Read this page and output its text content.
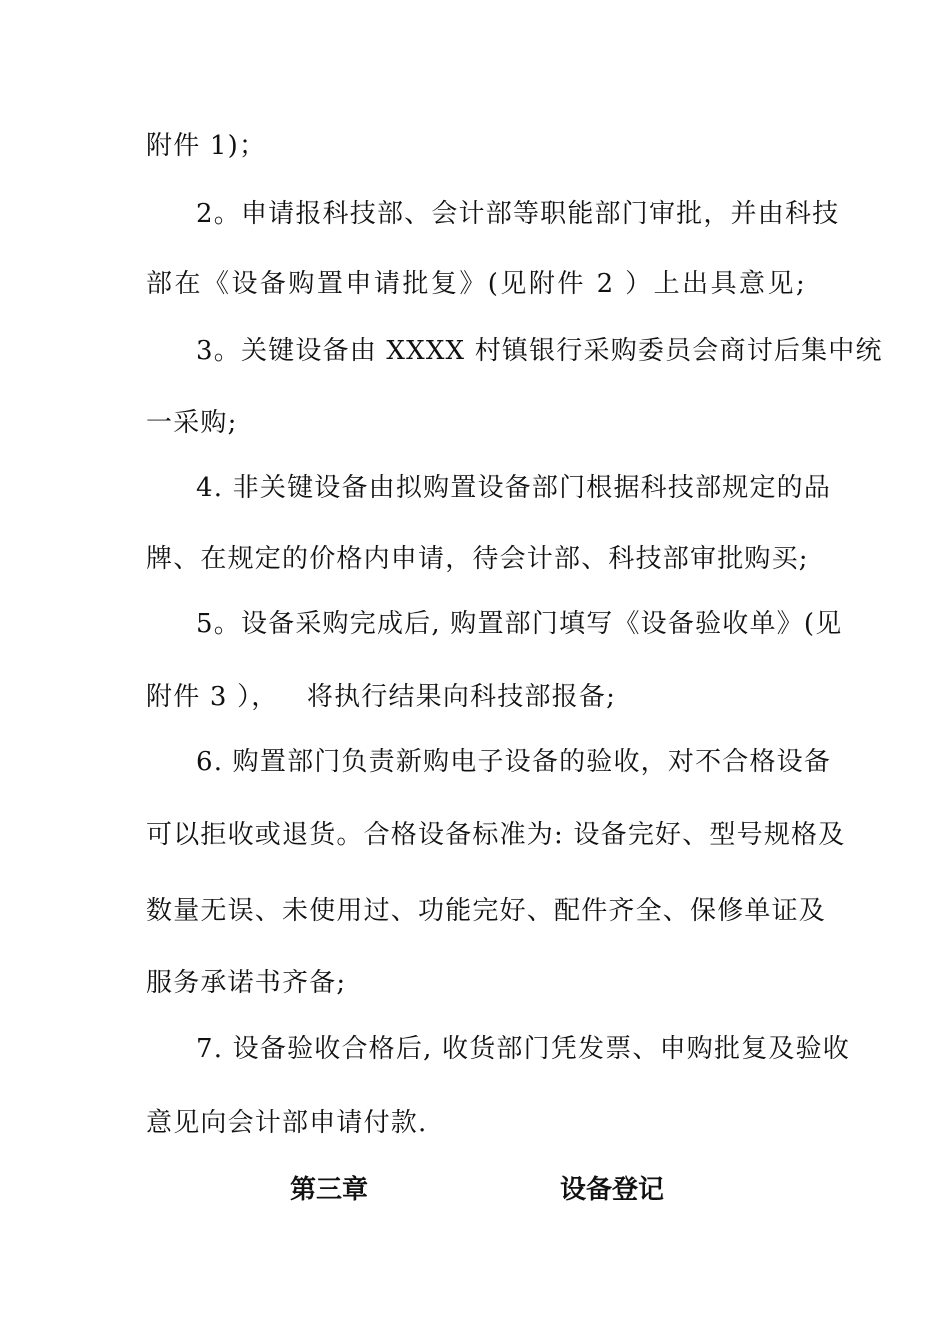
附件 1)；
2。申请报科技部、会计部等职能部门审批，并由科技
部在《设备购置申请批复》(见附件 2 ）上出具意见;
3。关键设备由 XXXX 村镇银行采购委员会商讨后集中统
一采购;
4. 非关键设备由拟购置设备部门根据科技部规定的品
牌、在规定的价格内申请，待会计部、科技部审批购买;
5。设备采购完成后, 购置部门填写《设备验收单》(见
附件 3 ），   将执行结果向科技部报备;
6. 购置部门负责新购电子设备的验收，对不合格设备
可以拒收或退货。合格设备标准为: 设备完好、型号规格及
数量无误、未使用过、功能完好、配件齐全、保修单证及
服务承诺书齐备;
7. 设备验收合格后, 收货部门凭发票、申购批复及验收
意见向会计部申请付款.
第三章	设备登记
